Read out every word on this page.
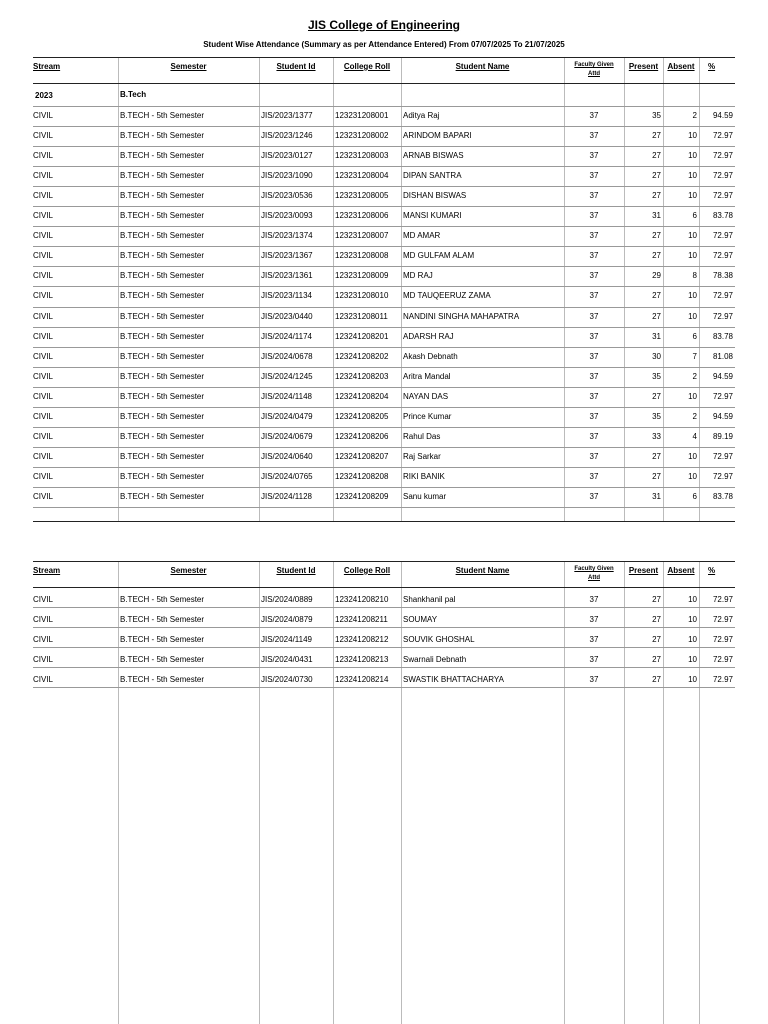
JIS College of Engineering
Student Wise Attendance (Summary as per Attendance Entered) From 07/07/2025 To 21/07/2025
Stream	Semester	Student Id	College Roll	Student Name	Present	Absent	%
Faculty Given
Attd
2023	B.Tech
CIVIL	B.TECH - 5th Semester	JIS/2023/1377	123231208001 Aditya Raj	37	35	2	94.59
CIVIL	B.TECH - 5th Semester	JIS/2023/1246	123231208002 ARINDOM BAPARI	37	27	10	72.97
CIVIL	B.TECH - 5th Semester	JIS/2023/0127	123231208003 ARNAB BISWAS	37	27	10	72.97
CIVIL	B.TECH - 5th Semester	JIS/2023/1090	123231208004 DIPAN SANTRA	37	27	10	72.97
CIVIL	B.TECH - 5th Semester	JIS/2023/0536	123231208005 DISHAN BISWAS	37	27	10	72.97
CIVIL	B.TECH - 5th Semester	JIS/2023/0093	123231208006 MANSI KUMARI	37	31	6	83.78
CIVIL	B.TECH - 5th Semester	JIS/2023/1374	123231208007 MD AMAR	37	27	10	72.97
CIVIL	B.TECH - 5th Semester	JIS/2023/1367	123231208008 MD GULFAM ALAM	37	27	10	72.97
CIVIL	B.TECH - 5th Semester	JIS/2023/1361	123231208009 MD RAJ	37	29	8	78.38
CIVIL	B.TECH - 5th Semester	JIS/2023/1134	123231208010 MD TAUQEERUZ ZAMA	37	27	10	72.97
CIVIL	B.TECH - 5th Semester	JIS/2023/0440	123231208011 NANDINI SINGHA MAHAPATRA	37	27	10	72.97
CIVIL	B.TECH - 5th Semester	JIS/2024/1174	123241208201 ADARSH RAJ	37	31	6	83.78
CIVIL	B.TECH - 5th Semester	JIS/2024/0678	123241208202 Akash Debnath	37	30	7	81.08
CIVIL	B.TECH - 5th Semester	JIS/2024/1245	123241208203 Aritra Mandal	37	35	2	94.59
CIVIL	B.TECH - 5th Semester	JIS/2024/1148	123241208204 NAYAN DAS	37	27	10	72.97
CIVIL	B.TECH - 5th Semester	JIS/2024/0479	123241208205 Prince Kumar	37	35	2	94.59
CIVIL	B.TECH - 5th Semester	JIS/2024/0679	123241208206 Rahul Das	37	33	4	89.19
CIVIL	B.TECH - 5th Semester	JIS/2024/0640	123241208207 Raj Sarkar	37	27	10	72.97
CIVIL	B.TECH - 5th Semester	JIS/2024/0765	123241208208 RIKI BANIK	37	27	10	72.97
CIVIL	B.TECH - 5th Semester	JIS/2024/1128	123241208209 Sanu kumar	37	31	6	83.78
Stream	Semester	Student Id	College Roll	Student Name	Present	Absent	%
Faculty Given
Attd
CIVIL	B.TECH - 5th Semester	JIS/2024/0889	123241208210 Shankhanil pal	37	27	10	72.97
CIVIL	B.TECH - 5th Semester	JIS/2024/0879	123241208211 SOUMAY	37	27	10	72.97
CIVIL	B.TECH - 5th Semester	JIS/2024/1149	123241208212 SOUVIK GHOSHAL	37	27	10	72.97
CIVIL	B.TECH - 5th Semester	JIS/2024/0431	123241208213 Swarnali Debnath	37	27	10	72.97
CIVIL	B.TECH - 5th Semester	JIS/2024/0730	123241208214 SWASTIK BHATTACHARYA	37	27	10	72.97
